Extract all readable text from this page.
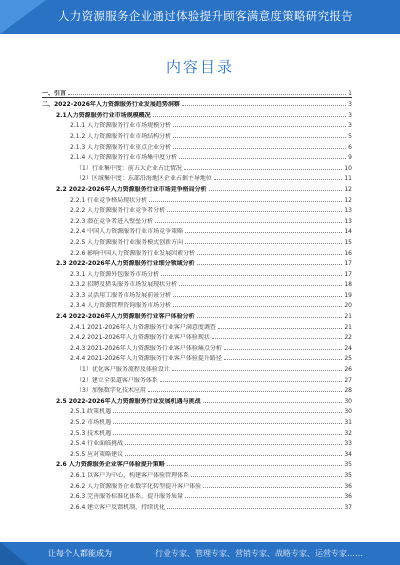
人力资源服务企业通过体验提升顾客满意度策略研究报告
内容目录
一、引言	1
二、2022-2026年人力资源服务行业发展趋势洞察	3
2.1人力资源服务行业市场规模概况	3
2.1.1 人力资源服务行业市场规模分析	3
2.1.2 人力资源服务行业市场结构分析	5
2.1.3 人力资源服务行业重点企业分析	6
2.1.4 人力资源服务行业市场集中度分析	9
（1）行业集中度：前五大企业占比情况	10
（2）区域集中度：东部沿海地区企业占据主导地位	11
2.2 2022-2026年人力资源服务行业市场竞争格局分析	12
2.2.1 行业竞争格局现状分析	12
2.2.2 人力资源服务行业竞争者分析	13
2.2.3 潜在竞争者进入壁垒分析	13
2.2.4 中国人力资源服务行业市场竞争策略	14
2.2.5 人力资源服务行业服务模式创新方向	15
2.2.6 影响中国人力资源服务行业发展因素分析	16
2.3 2022-2026年人力资源服务行业细分领域分析	17
2.3.1 人力资源外包服务市场分析	17
2.3.2 招聘及猎头服务市场发展现状分析	18
2.3.3 灵活用工服务市场发展前景分析	19
2.3.4 人力资源管理咨询服务市场分析	20
2.4 2022-2026年人力资源服务行业客户体验分析	21
2.4.1 2021-2026年人力资源服务行业客户满意度调查	21
2.4.2 2021-2026年人力资源服务行业客户体验现状	22
2.4.3 2021-2026年人力资源服务行业客户体验痛点分析	24
2.4.4 2021-2026年人力资源服务行业客户体验提升路径	25
（1）优化客户服务流程及体验设计	26
（2）建立全渠道客户服务体系	27
（3）加强数字化技术应用	28
2.5 2022-2026年人力资源服务行业发展机遇与挑战	30
2.5.1 政策机遇	30
2.5.2 市场机遇	31
2.5.3 技术机遇	32
2.5.4 行业面临挑战	33
2.5.5 应对策略建议	34
2.6 人力资源服务企业客户体验提升策略	35
2.6.1 以客户为中心，构建客户体验管理体系	35
2.6.2 人力资源服务企业数字化转型提升客户体验	36
2.6.3 完善服务标准化体系，提升服务质量	36
2.6.4 建立客户反馈机制，持续优化	37
让每个人都能成为	行业专家、管理专家、营销专家、战略专家、运营专家……
